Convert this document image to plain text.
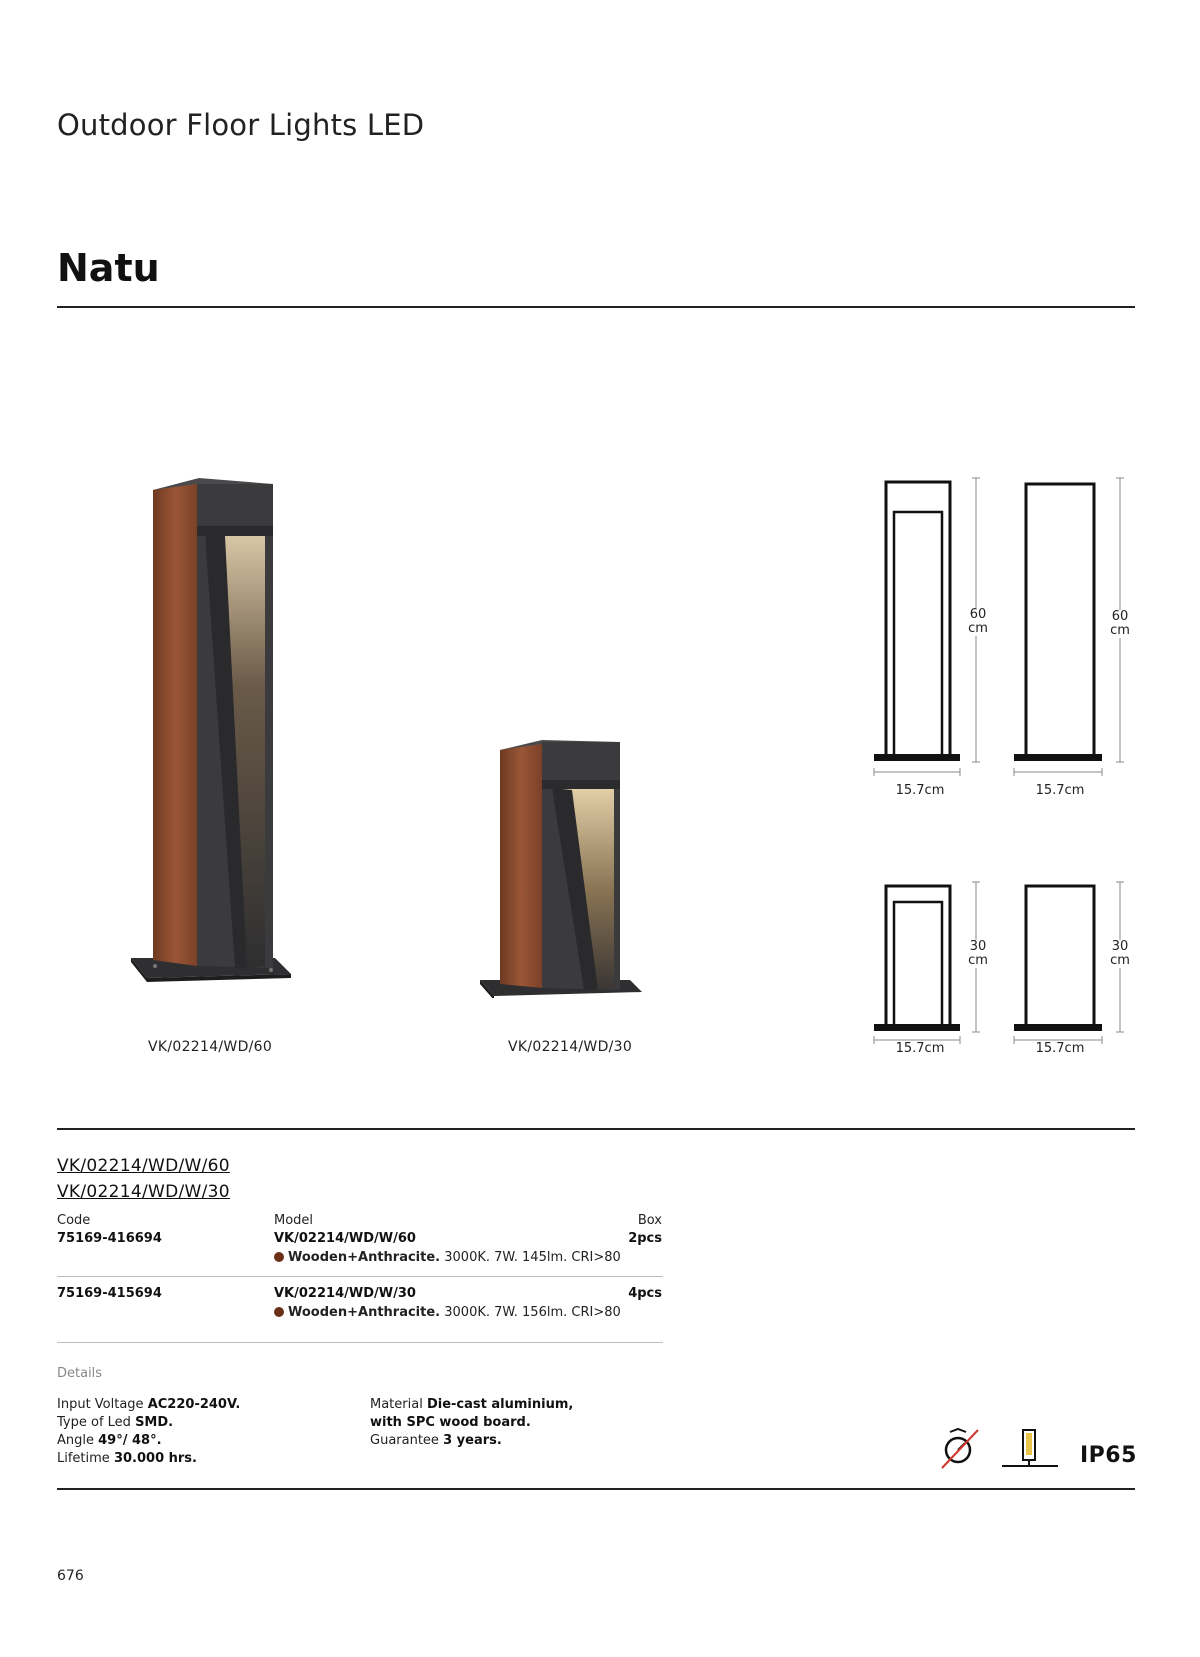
Outdoor Floor Lights LED
Natu
VK/02214/WD/60	VK/02214/WD/30
60
cm
15.7cm
60
cm
15.7cm
30
cm
15.7cm
30
cm
15.7cm
VK/02214/WD/W/60
VK/02214/WD/W/30
Code	Model	Box
75169-416694	VK/02214/WD/W/60	2pcs
Wooden+Anthracite. 3000K. 7W. 145lm. CRI>80
75169-415694	VK/02214/WD/W/30	4pcs
Wooden+Anthracite. 3000K. 7W. 156lm. CRI>80
Details
Input Voltage AC220-240V.
Type of Led SMD.
Angle 49°/ 48°.
Lifetime 30.000 hrs.
Material Die-cast aluminium,
with SPC wood board.
Guarantee 3 years.
IP65
676
